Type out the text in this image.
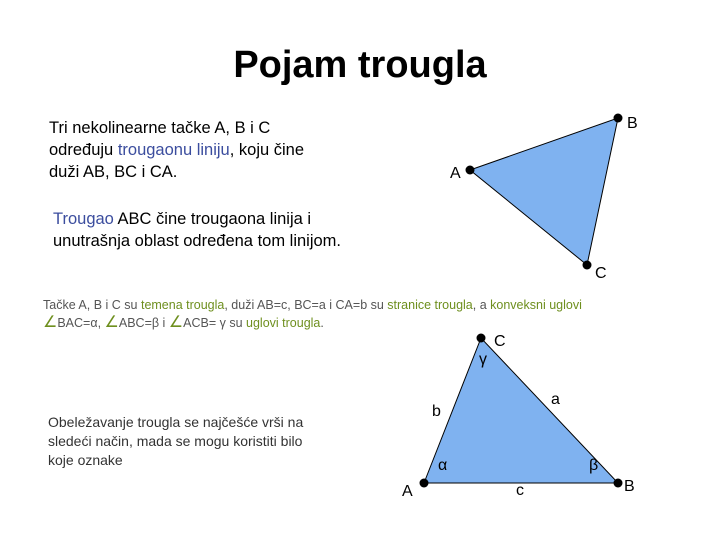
Pojam trougla
Tri nekolinearne tačke A, B i C
određuju trougaonu liniju, koju čine
duži AB, BC i CA.
Trougao ABC čine trougaona linija i
unutrašnja oblast određena tom linijom.
Tačke A, B i C su temena trougla, duži AB=c, BC=a i CA=b su stranice trougla, a konveksni uglovi
∠BAC=α, ∠ABC=β i ∠ACB= γ su uglovi trougla.
Obeležavanje trougla se najčešće vrši na
sledeći način, mada se mogu koristiti bilo
koje oznake
A
B
C
A
C
B
a
b
c
α	β
γ
